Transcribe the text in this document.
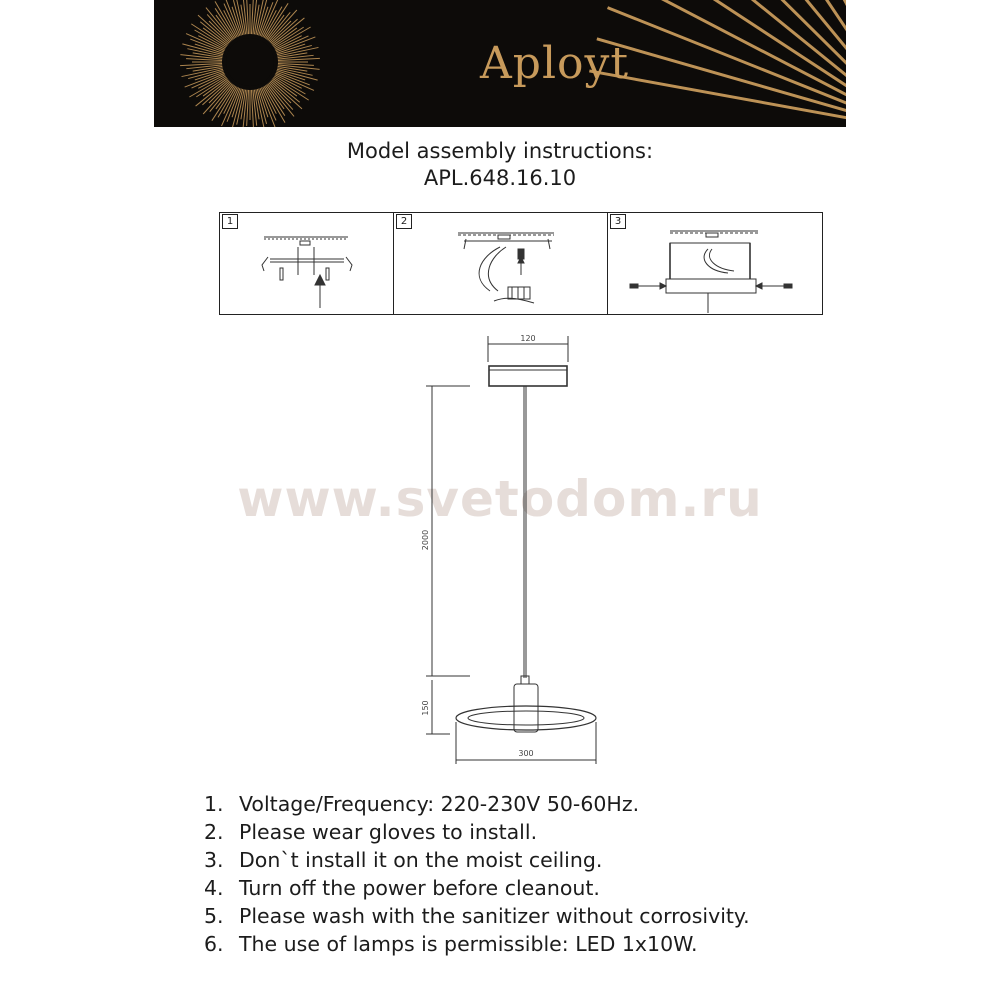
Aployt
Model assembly instructions:
APL.648.16.10
1	2	3
www.svetodom.ru
120
2000
150
300
1. Voltage/Frequency: 220-230V 50-60Hz.
2. Please wear gloves to install.
3. Don`t install it on the moist ceiling.
4. Turn off the power before cleanout.
5. Please wash with the sanitizer without corrosivity.
6. The use of lamps is permissible: LED 1x10W.
